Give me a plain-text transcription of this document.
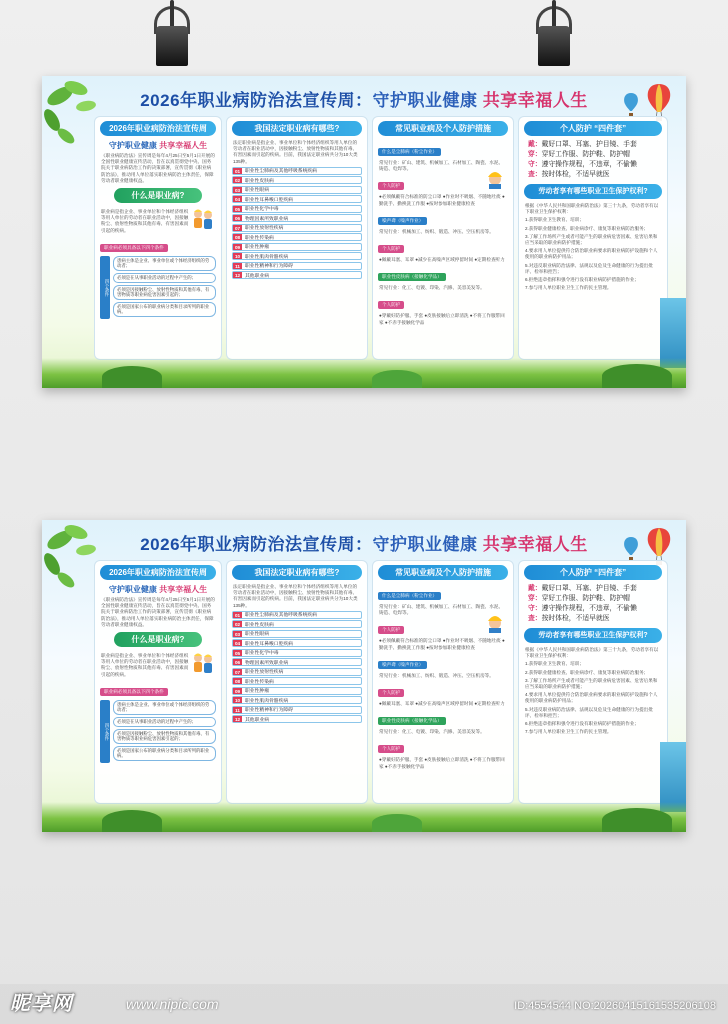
2026年职业病防治法宣传周：守护职业健康 共享幸福人生
2026年职业病防治法宣传周
守护职业健康 共享幸福人生
《职业病防治法》宣传周是每年4月25日至5月1日开展的全国性职业健康宣传活动，旨在以真贯彻党中央、国务院关于职业病防治工作的决策部署，宣传贯彻《职业病防治法》，推动用人单位落实职业病防治主体责任，保障劳动者职业健康权益。
什么是职业病?
职业病是指企业、事业单位和个体经济组织等用人单位的劳动者在职业活动中，因接触粉尘、放射性物质和其他有毒、有害因素而引起的疾病。
职业病必须具备以下四个条件
四个条件
患病主体是企业、事业单位或个体经济组织的劳动者；
必须是在从事职业活动的过程中产生的；
必须是因接触粉尘、放射性物质和其他有毒、有害物质等职业病危害因素引起的；
必须是国家公布的职业病分类和目录所列的职业病。
我国法定职业病有哪些?
法定职业病是指企业、事业单位和个体经济组织等用人单位的劳动者在职业活动中，因接触粉尘、放射性物质和其他有毒、有害因素而引起的疾病。目前，我国法定职业病共分为10大类135种。
01	职业性尘肺病及其他呼吸系统疾病
02	职业性皮肤病
03	职业性眼病
04	职业性耳鼻喉口腔疾病
05	职业性化学中毒
06	物理因素所致职业病
07	职业性放射性疾病
08	职业性传染病
09	职业性肿瘤
10	职业性肌肉骨骼疾病
11	职业性精神和行为障碍
12	其他职业病
常见职业病及个人防护措施
什么是尘肺病（粉尘作业）
常见行业：矿山、建筑、机械加工、石材加工、陶瓷、水泥、铸造、电焊等。
个人防护
●必须佩戴符合标准的防尘口罩 ●作业时不吸烟、不随地吐痰 ●勤洗手、勤换洗工作服 ●按时参加职业健康检查
噪声聋（噪声作业）
常见行业：机械加工、纺织、锻造、冲压、空压机房等。
个人防护
●佩戴耳塞、耳罩 ●减少在高噪声区域停留时间 ●定期检查听力
职业性皮肤病（接触化学品）
常见行业：化工、电镀、印染、汽修、美容美发等。
个人防护
●穿戴好防护服、手套 ●皮肤接触后立即清洗 ●不将工作服带回家 ●不赤手接触化学品
个人防护 “四件套”
戴：戴好口罩、耳塞、护目镜、手套
穿：穿好工作服、防护鞋、防护帽
守：遵守操作规程，不违章，不偷懒
查：按时体检，不适早就医
劳动者享有哪些职业卫生保护权利?
根据《中华人民共和国职业病防治法》第三十九条，劳动者享有以下职业卫生保护权利：
1.获得职业卫生教育、培训；
2.获得职业健康检查、职业病诊疗、康复等职业病防治服务；
3.了解工作场所产生或者可能产生的职业病危害因素、危害后果和应当采取的职业病防护措施；
4.要求用人单位提供符合防治职业病要求的职业病防护设施和个人使用的职业病防护用品；
5.对违反职业病防治法律、法规以及危及生命健康的行为提出批评、检举和控告；
6.拒绝违章指挥和强令进行没有职业病防护措施的作业；
7.参与用人单位职业卫生工作的民主管理。
2026年职业病防治法宣传周：守护职业健康 共享幸福人生
2026年职业病防治法宣传周
守护职业健康 共享幸福人生
《职业病防治法》宣传周是每年4月25日至5月1日开展的全国性职业健康宣传活动，旨在以真贯彻党中央、国务院关于职业病防治工作的决策部署，宣传贯彻《职业病防治法》，推动用人单位落实职业病防治主体责任，保障劳动者职业健康权益。
什么是职业病?
职业病是指企业、事业单位和个体经济组织等用人单位的劳动者在职业活动中，因接触粉尘、放射性物质和其他有毒、有害因素而引起的疾病。
职业病必须具备以下四个条件
四个条件
患病主体是企业、事业单位或个体经济组织的劳动者；
必须是在从事职业活动的过程中产生的；
必须是因接触粉尘、放射性物质和其他有毒、有害物质等职业病危害因素引起的；
必须是国家公布的职业病分类和目录所列的职业病。
我国法定职业病有哪些?
法定职业病是指企业、事业单位和个体经济组织等用人单位的劳动者在职业活动中，因接触粉尘、放射性物质和其他有毒、有害因素而引起的疾病。目前，我国法定职业病共分为10大类135种。
01	职业性尘肺病及其他呼吸系统疾病
02	职业性皮肤病
03	职业性眼病
04	职业性耳鼻喉口腔疾病
05	职业性化学中毒
06	物理因素所致职业病
07	职业性放射性疾病
08	职业性传染病
09	职业性肿瘤
10	职业性肌肉骨骼疾病
11	职业性精神和行为障碍
12	其他职业病
常见职业病及个人防护措施
什么是尘肺病（粉尘作业）
常见行业：矿山、建筑、机械加工、石材加工、陶瓷、水泥、铸造、电焊等。
个人防护
●必须佩戴符合标准的防尘口罩 ●作业时不吸烟、不随地吐痰 ●勤洗手、勤换洗工作服 ●按时参加职业健康检查
噪声聋（噪声作业）
常见行业：机械加工、纺织、锻造、冲压、空压机房等。
个人防护
●佩戴耳塞、耳罩 ●减少在高噪声区域停留时间 ●定期检查听力
职业性皮肤病（接触化学品）
常见行业：化工、电镀、印染、汽修、美容美发等。
个人防护
●穿戴好防护服、手套 ●皮肤接触后立即清洗 ●不将工作服带回家 ●不赤手接触化学品
个人防护 “四件套”
戴：戴好口罩、耳塞、护目镜、手套
穿：穿好工作服、防护鞋、防护帽
守：遵守操作规程，不违章，不偷懒
查：按时体检，不适早就医
劳动者享有哪些职业卫生保护权利?
根据《中华人民共和国职业病防治法》第三十九条，劳动者享有以下职业卫生保护权利：
1.获得职业卫生教育、培训；
2.获得职业健康检查、职业病诊疗、康复等职业病防治服务；
3.了解工作场所产生或者可能产生的职业病危害因素、危害后果和应当采取的职业病防护措施；
4.要求用人单位提供符合防治职业病要求的职业病防护设施和个人使用的职业病防护用品；
5.对违反职业病防治法律、法规以及危及生命健康的行为提出批评、检举和控告；
6.拒绝违章指挥和强令进行没有职业病防护措施的作业；
7.参与用人单位职业卫生工作的民主管理。
昵享网	www.nipic.com	ID:4554544 NO:20260415161535206108
